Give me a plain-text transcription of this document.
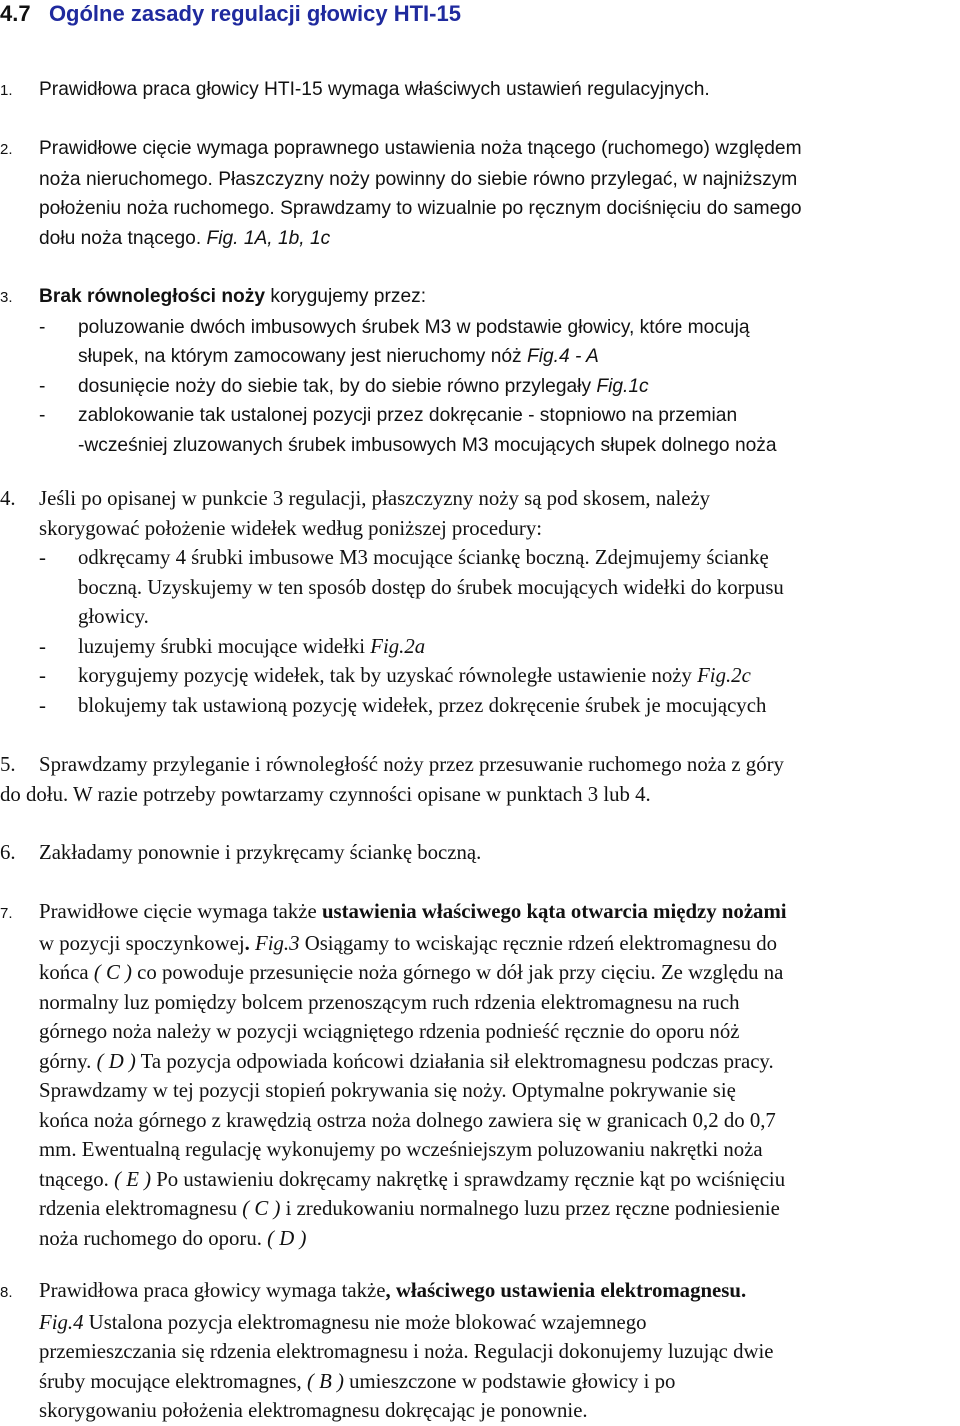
4.7 Ogólne zasady regulacji głowicy HTI-15
1. Prawidłowa praca głowicy HTI-15 wymaga właściwych ustawień regulacyjnych.
2. Prawidłowe cięcie wymaga poprawnego ustawienia noża tnącego (ruchomego) względem
noża nieruchomego. Płaszczyzny noży powinny do siebie równo przylegać, w najniższym
położeniu noża ruchomego. Sprawdzamy to wizualnie po ręcznym dociśnięciu do samego
dołu noża tnącego. Fig. 1A, 1b, 1c
3. Brak równoległości noży korygujemy przez:
- poluzowanie dwóch imbusowych śrubek M3 w podstawie głowicy, które mocują
słupek, na którym zamocowany jest nieruchomy nóż Fig.4 - A
- dosunięcie noży do siebie tak, by do siebie równo przylegały Fig.1c
- zablokowanie tak ustalonej pozycji przez dokręcanie - stopniowo na przemian
-wcześniej zluzowanych śrubek imbusowych M3 mocujących słupek dolnego noża
4. Jeśli po opisanej w punkcie 3 regulacji, płaszczyzny noży są pod skosem, należy
skorygować położenie widełek według poniższej procedury:
- odkręcamy 4 śrubki imbusowe M3 mocujące ściankę boczną. Zdejmujemy ściankę
boczną. Uzyskujemy w ten sposób dostęp do śrubek mocujących widełki do korpusu
głowicy.
- luzujemy śrubki mocujące widełki Fig.2a
- korygujemy pozycję widełek, tak by uzyskać równoległe ustawienie noży Fig.2c
- blokujemy tak ustawioną pozycję widełek, przez dokręcenie śrubek je mocujących
5. Sprawdzamy przyleganie i równoległość noży przez przesuwanie ruchomego noża z góry
do dołu. W razie potrzeby powtarzamy czynności opisane w punktach 3 lub 4.
6. Zakładamy ponownie i przykręcamy ściankę boczną.
7. Prawidłowe cięcie wymaga także ustawienia właściwego kąta otwarcia między nożami
w pozycji spoczynkowej. Fig.3 Osiągamy to wciskając ręcznie rdzeń elektromagnesu do
końca ( C ) co powoduje przesunięcie noża górnego w dół jak przy cięciu. Ze względu na
normalny luz pomiędzy bolcem przenoszącym ruch rdzenia elektromagnesu na ruch
górnego noża należy w pozycji wciągniętego rdzenia podnieść ręcznie do oporu nóż
górny. ( D ) Ta pozycja odpowiada końcowi działania sił elektromagnesu podczas pracy.
Sprawdzamy w tej pozycji stopień pokrywania się noży. Optymalne pokrywanie się
końca noża górnego z krawędzią ostrza noża dolnego zawiera się w granicach 0,2 do 0,7
mm. Ewentualną regulację wykonujemy po wcześniejszym poluzowaniu nakrętki noża
tnącego. ( E ) Po ustawieniu dokręcamy nakrętkę i sprawdzamy ręcznie kąt po wciśnięciu
rdzenia elektromagnesu ( C ) i zredukowaniu normalnego luzu przez ręczne podniesienie
noża ruchomego do oporu. ( D )
8. Prawidłowa praca głowicy wymaga także, właściwego ustawienia elektromagnesu.
Fig.4 Ustalona pozycja elektromagnesu nie może blokować wzajemnego
przemieszczania się rdzenia elektromagnesu i noża. Regulacji dokonujemy luzując dwie
śruby mocujące elektromagnes, ( B ) umieszczone w podstawie głowicy i po
skorygowaniu położenia elektromagnesu dokręcając je ponownie.
